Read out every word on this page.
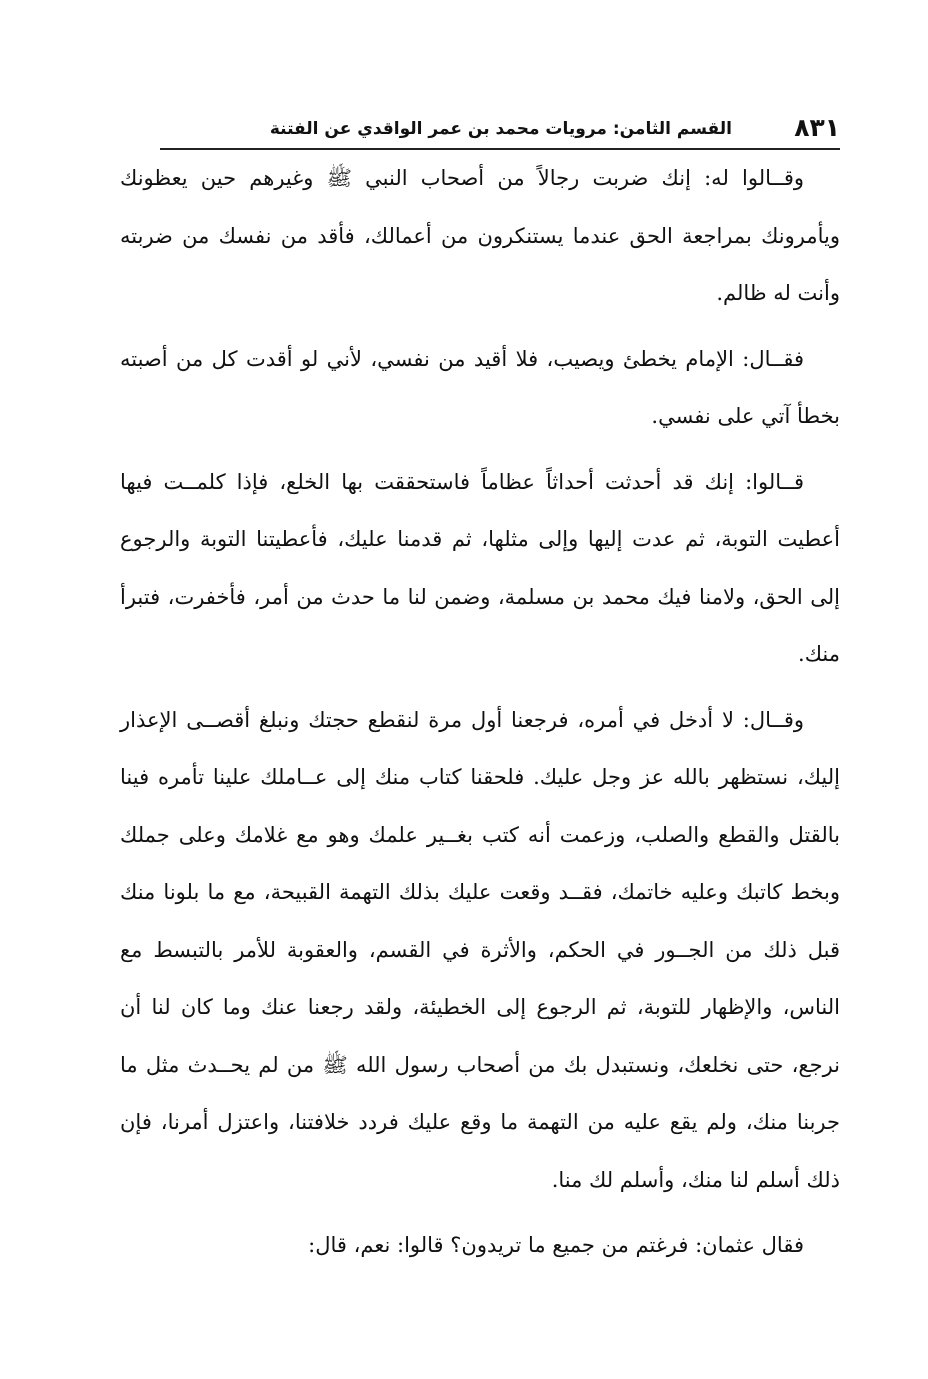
٨٣١
القسم الثامن: مرويات محمد بن عمر الواقدي عن الفتنة

وقــالوا له: إنك ضربت رجالاً من أصحاب النبي ﷺ وغيرهم حين يعظونك ويأمرونك بمراجعة الحق عندما يستنكرون من أعمالك، فأقد من نفسك من ضربته وأنت له ظالم.

فقــال: الإمام يخطئ ويصيب، فلا أقيد من نفسي، لأني لو أقدت كل من أصبته بخطأ آتي على نفسي.

قــالوا: إنك قد أحدثت أحداثاً عظاماً فاستحققت بها الخلع، فإذا كلمــت فيها أعطيت التوبة، ثم عدت إليها وإلى مثلها، ثم قدمنا عليك، فأعطيتنا التوبة والرجوع إلى الحق، ولامنا فيك محمد بن مسلمة، وضمن لنا ما حدث من أمر، فأخفرت، فتبرأ منك.

وقــال: لا أدخل في أمره، فرجعنا أول مرة لنقطع حجتك ونبلغ أقصــى الإعذار إليك، نستظهر بالله عز وجل عليك. فلحقنا كتاب منك إلى عــاملك علينا تأمره فينا بالقتل والقطع والصلب، وزعمت أنه كتب بغــير علمك وهو مع غلامك وعلى جملك وبخط كاتبك وعليه خاتمك، فقــد وقعت عليك بذلك التهمة القبيحة، مع ما بلونا منك قبل ذلك من الجــور في الحكم، والأثرة في القسم، والعقوبة للأمر بالتبسط مع الناس، والإظهار للتوبة، ثم الرجوع إلى الخطيئة، ولقد رجعنا عنك وما كان لنا أن نرجع، حتى نخلعك، ونستبدل بك من أصحاب رسول الله ﷺ من لم يحــدث مثل ما جربنا منك، ولم يقع عليه من التهمة ما وقع عليك فردد خلافتنا، واعتزل أمرنا، فإن ذلك أسلم لنا منك، وأسلم لك منا.

فقال عثمان: فرغتم من جميع ما تريدون؟ قالوا: نعم، قال:
